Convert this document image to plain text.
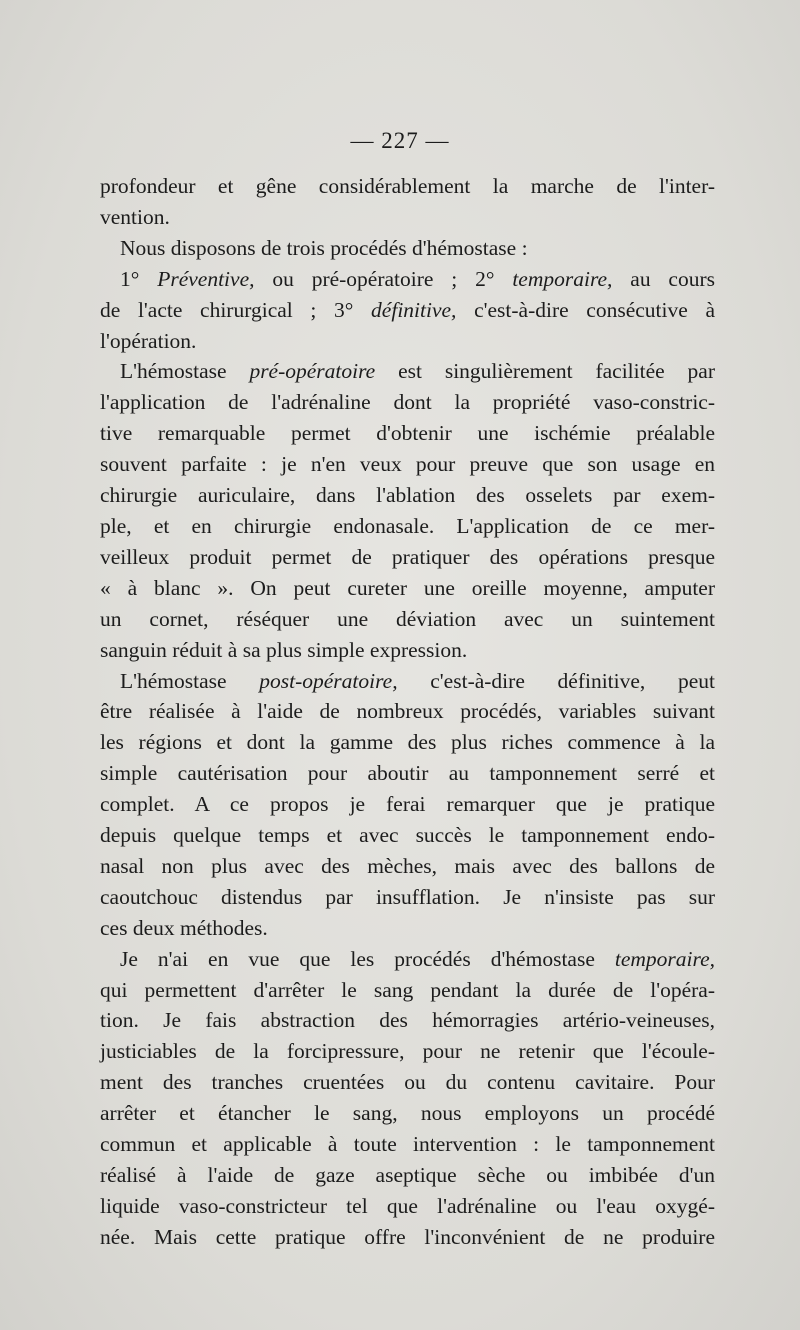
— 227 —
profondeur et gêne considérablement la marche de l'inter-
vention.
Nous disposons de trois procédés d'hémostase :
1° Préventive, ou pré-opératoire ; 2° temporaire, au cours
de l'acte chirurgical ; 3° définitive, c'est-à-dire consécutive à
l'opération.
L'hémostase pré-opératoire est singulièrement facilitée par
l'application de l'adrénaline dont la propriété vaso-constric-
tive remarquable permet d'obtenir une ischémie préalable
souvent parfaite : je n'en veux pour preuve que son usage en
chirurgie auriculaire, dans l'ablation des osselets par exem-
ple, et en chirurgie endonasale. L'application de ce mer-
veilleux produit permet de pratiquer des opérations presque
« à blanc ». On peut cureter une oreille moyenne, amputer
un cornet, réséquer une déviation avec un suintement
sanguin réduit à sa plus simple expression.
L'hémostase post-opératoire, c'est-à-dire définitive, peut
être réalisée à l'aide de nombreux procédés, variables suivant
les régions et dont la gamme des plus riches commence à la
simple cautérisation pour aboutir au tamponnement serré et
complet. A ce propos je ferai remarquer que je pratique
depuis quelque temps et avec succès le tamponnement endo-
nasal non plus avec des mèches, mais avec des ballons de
caoutchouc distendus par insufflation. Je n'insiste pas sur
ces deux méthodes.
Je n'ai en vue que les procédés d'hémostase temporaire,
qui permettent d'arrêter le sang pendant la durée de l'opéra-
tion. Je fais abstraction des hémorragies artério-veineuses,
justiciables de la forcipressure, pour ne retenir que l'écoule-
ment des tranches cruentées ou du contenu cavitaire. Pour
arrêter et étancher le sang, nous employons un procédé
commun et applicable à toute intervention : le tamponnement
réalisé à l'aide de gaze aseptique sèche ou imbibée d'un
liquide vaso-constricteur tel que l'adrénaline ou l'eau oxygé-
née. Mais cette pratique offre l'inconvénient de ne produire
